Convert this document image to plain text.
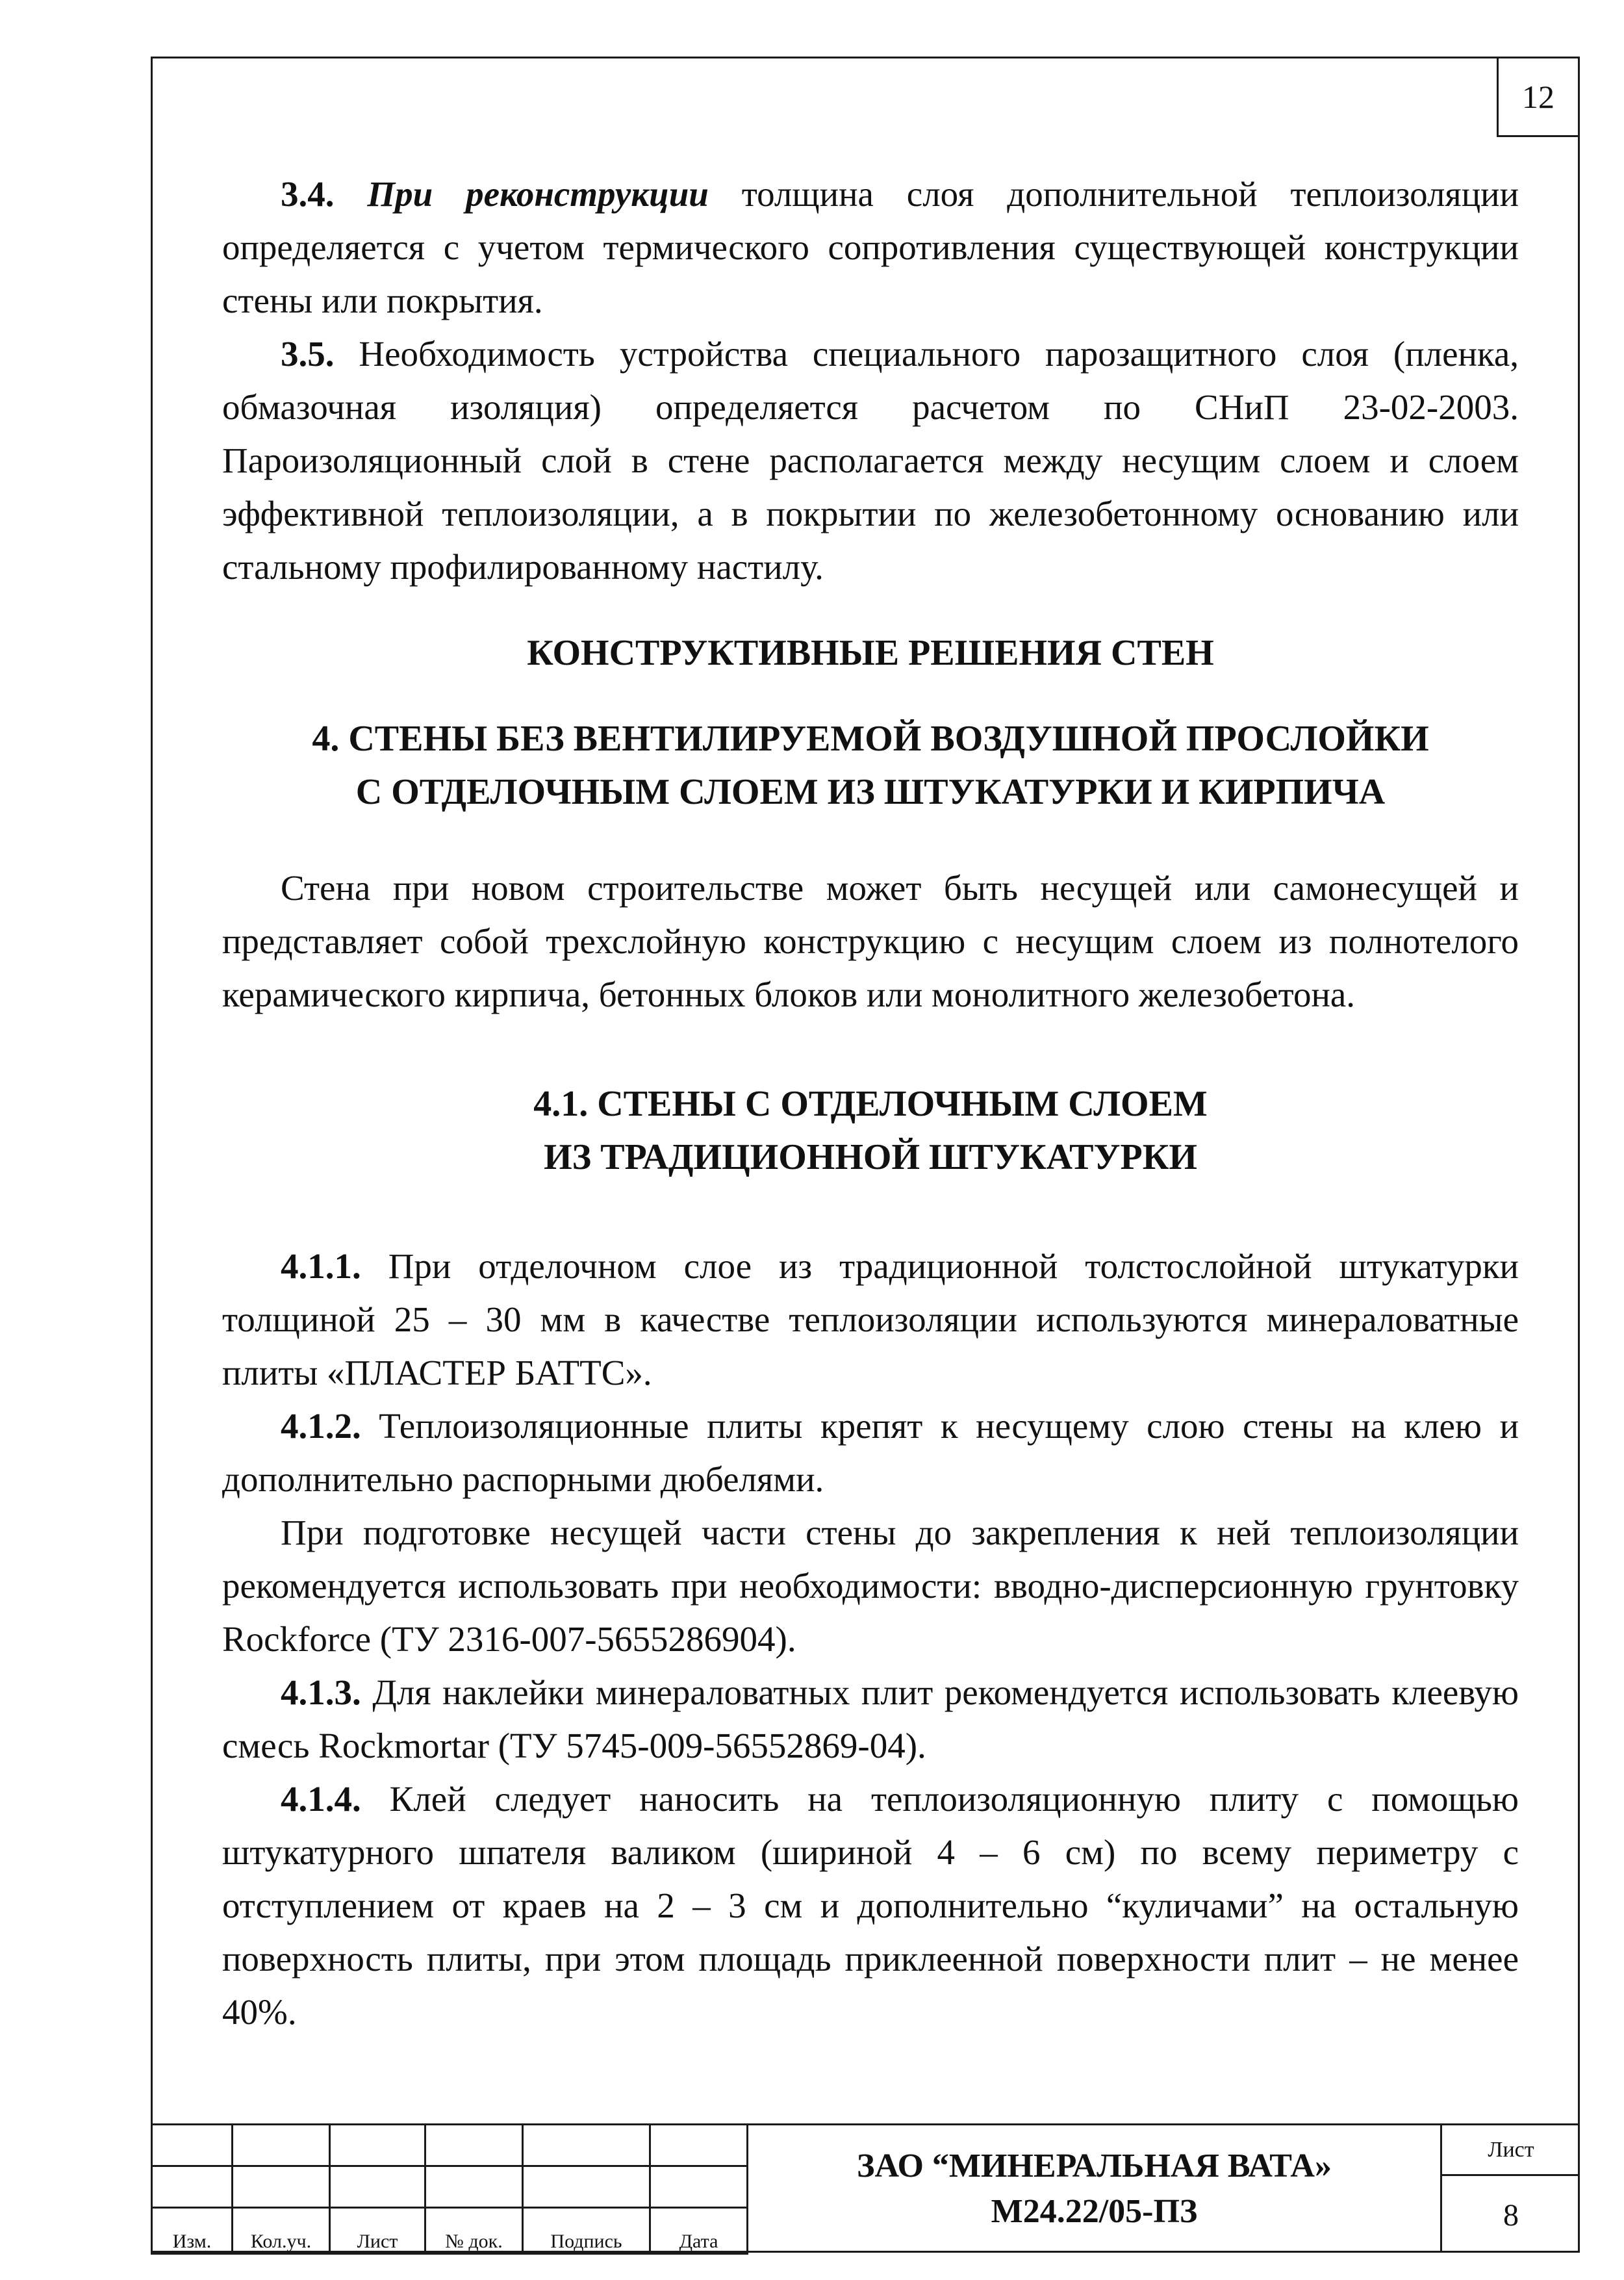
12

3.4. При реконструкции толщина слоя дополнительной теплоизоляции определяется с учетом термического сопротивления существующей конструкции стены или покрытия.

3.5. Необходимость устройства специального парозащитного слоя (пленка, обмазочная изоляция) определяется расчетом по СНиП 23-02-2003. Пароизоляционный слой в стене располагается между несущим слоем и слоем эффективной теплоизоляции, а в покрытии по железобетонному основанию или стальному профилированному настилу.

КОНСТРУКТИВНЫЕ РЕШЕНИЯ СТЕН
4. СТЕНЫ БЕЗ ВЕНТИЛИРУЕМОЙ ВОЗДУШНОЙ ПРОСЛОЙКИ
С ОТДЕЛОЧНЫМ СЛОЕМ ИЗ ШТУКАТУРКИ И КИРПИЧА

Стена при новом строительстве может быть несущей или самонесущей и представляет собой трехслойную конструкцию с несущим слоем из полнотелого керамического кирпича, бетонных блоков или монолитного железобетона.

4.1. СТЕНЫ С ОТДЕЛОЧНЫМ СЛОЕМ
ИЗ ТРАДИЦИОННОЙ ШТУКАТУРКИ

4.1.1. При отделочном слое из традиционной толстослойной штукатурки толщиной 25 – 30 мм в качестве теплоизоляции используются минераловатные плиты «ПЛАСТЕР БАТТС».

4.1.2. Теплоизоляционные плиты крепят к несущему слою стены на клею и дополнительно распорными дюбелями.

При подготовке несущей части стены до закрепления к ней теплоизоляции рекомендуется использовать при необходимости: вводно-дисперсионную грунтовку Rockforce (ТУ 2316-007-5655286904).

4.1.3. Для наклейки минераловатных плит рекомендуется использовать клеевую смесь Rockmortar (ТУ 5745-009-56552869-04).

4.1.4. Клей следует наносить на теплоизоляционную плиту с помощью штукатурного шпателя валиком (шириной 4 – 6 см) по всему периметру с отступлением от краев на 2 – 3 см и дополнительно “куличами” на остальную поверхность плиты, при этом площадь приклеенной поверхности плит – не менее 40%.

Изм.	Кол.уч.	Лист	№ док.	Подпись	Дата
ЗАО “МИНЕРАЛЬНАЯ ВАТА»
М24.22/05-ПЗ
Лист
8
